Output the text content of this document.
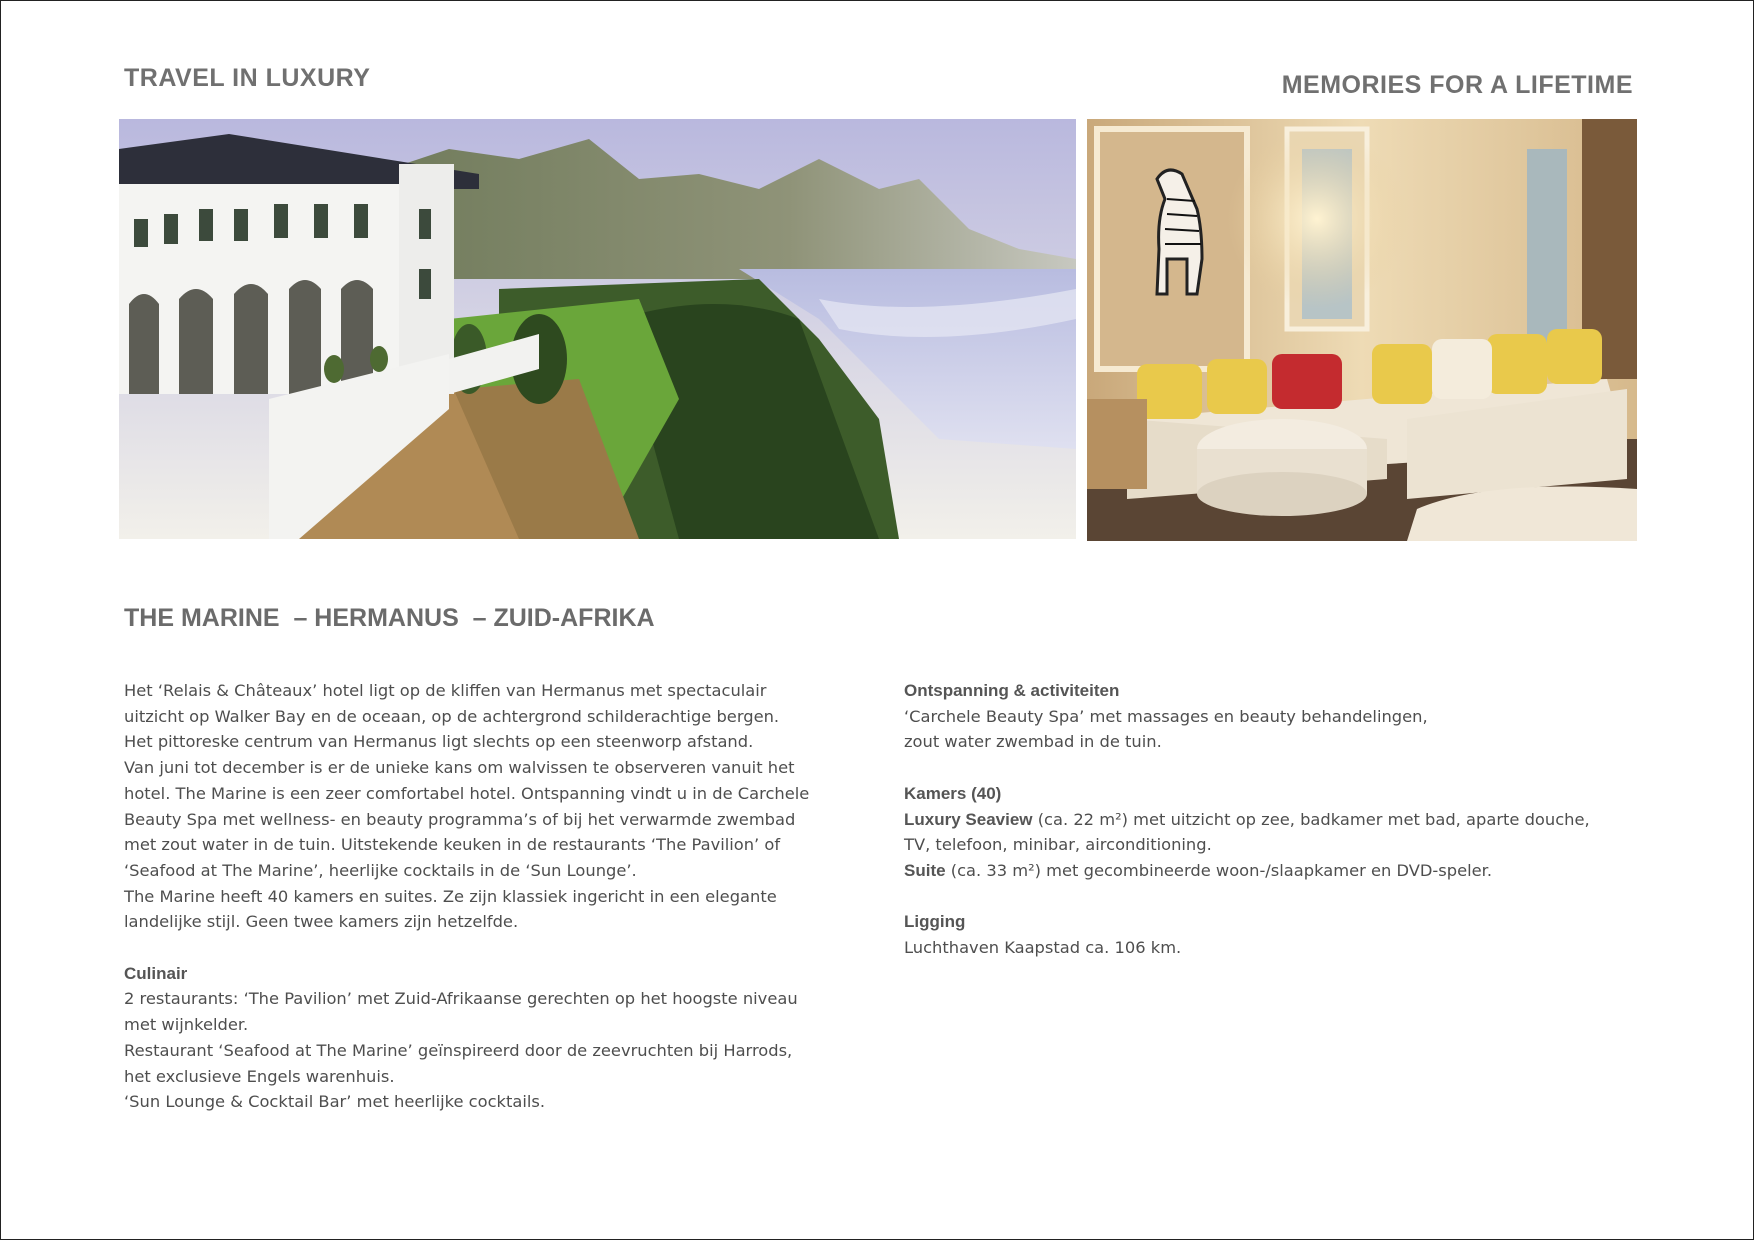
TRAVEL IN LUXURY	MEMORIES FOR A LIFETIME
THE MARINE  – HERMANUS  – ZUID-AFRIKA
Het ‘Relais & Châteaux’ hotel ligt op de kliffen van Hermanus met spectaculair
uitzicht op Walker Bay en de oceaan, op de achtergrond schilderachtige bergen.
Het pittoreske centrum van Hermanus ligt slechts op een steenworp afstand.
Van juni tot december is er de unieke kans om walvissen te observeren vanuit het
hotel. The Marine is een zeer comfortabel hotel. Ontspanning vindt u in de Carchele
Beauty Spa met wellness- en beauty programma’s of bij het verwarmde zwembad
met zout water in de tuin. Uitstekende keuken in de restaurants ‘The Pavilion’ of
‘Seafood at The Marine’, heerlijke cocktails in de ‘Sun Lounge’.
The Marine heeft 40 kamers en suites. Ze zijn klassiek ingericht in een elegante
landelijke stijl. Geen twee kamers zijn hetzelfde.
Culinair
2 restaurants: ‘The Pavilion’ met Zuid-Afrikaanse gerechten op het hoogste niveau
met wijnkelder.
Restaurant ‘Seafood at The Marine’ geïnspireerd door de zeevruchten bij Harrods,
het exclusieve Engels warenhuis.
‘Sun Lounge & Cocktail Bar’ met heerlijke cocktails.
Ontspanning & activiteiten
‘Carchele Beauty Spa’ met massages en beauty behandelingen,
zout water zwembad in de tuin.
Kamers (40)
Luxury Seaview (ca. 22 m²) met uitzicht op zee, badkamer met bad, aparte douche,
TV, telefoon, minibar, airconditioning.
Suite (ca. 33 m²) met gecombineerde woon-/slaapkamer en DVD-speler.
Ligging
Luchthaven Kaapstad ca. 106 km.
